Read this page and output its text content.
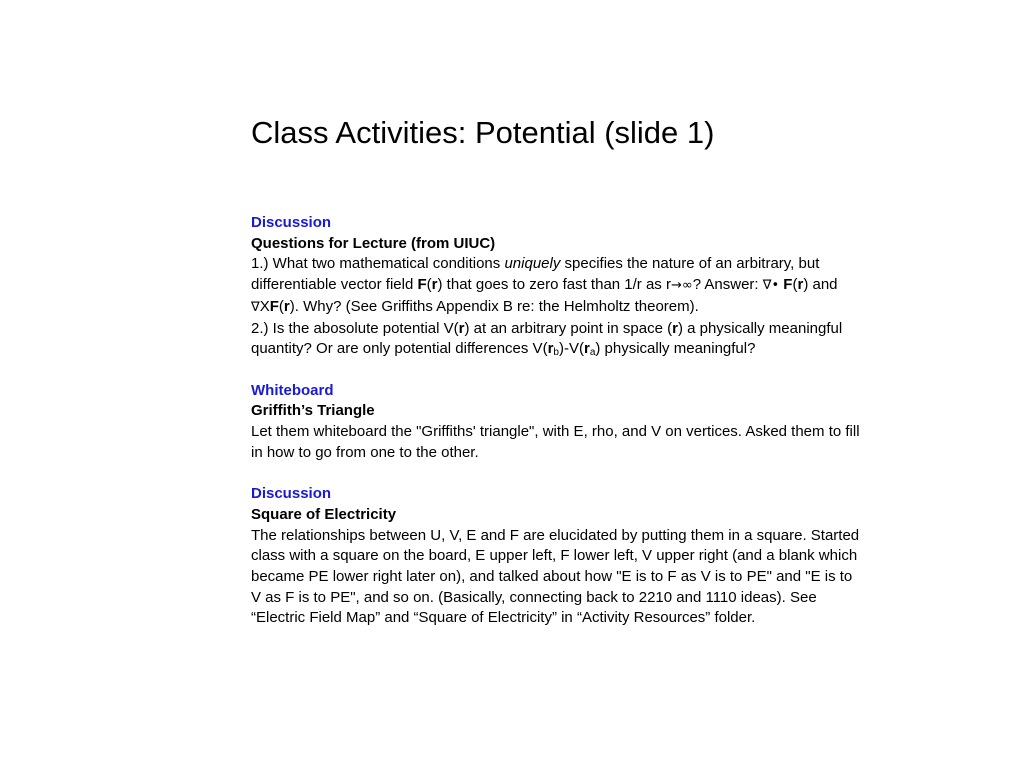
Class Activities: Potential (slide 1)
Discussion
Questions for Lecture (from UIUC)

1.) What two mathematical conditions uniquely specifies the nature of an arbitrary, but differentiable vector field F(r) that goes to zero fast than 1/r as r→∞? Answer: ∇• F(r) and ∇XF(r). Why? (See Griffiths Appendix B re: the Helmholtz theorem).

2.) Is the abosolute potential V(r) at an arbitrary point in space (r) a physically meaningful quantity? Or are only potential differences $V(r_b)-V(r_a)$ physically meaningful?

Whiteboard
Griffith’s Triangle

Let them whiteboard the "Griffiths' triangle", with E, rho, and V on vertices. Asked them to fill in how to go from one to the other.

Discussion
Square of Electricity

The relationships between U, V, E and F are elucidated by putting them in a square. Started class with a square on the board, E upper left, F lower left, V upper right (and a blank which became PE lower right later on), and talked about how "E is to F as V is to PE" and "E is to V as F is to PE", and so on. (Basically, connecting back to 2210 and 1110 ideas). See “Electric Field Map” and “Square of Electricity” in “Activity Resources” folder.
